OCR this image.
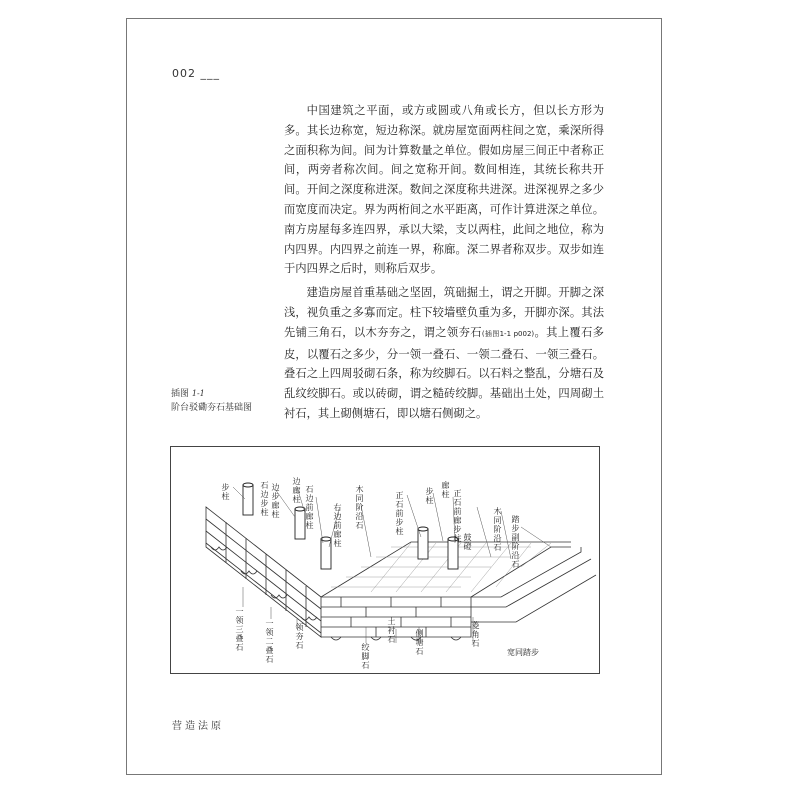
002 ___

中国建筑之平面，或方或圆或八角或长方，但以长方形为多。其长边称宽，短边称深。就房屋宽面两柱间之宽，乘深所得之面积称为间。间为计算数量之单位。假如房屋三间正中者称正间，两旁者称次间。间之宽称开间。数间相连，其统长称共开间。开间之深度称进深。数间之深度称共进深。进深视界之多少而宽度而决定。界为两桁间之水平距离，可作计算进深之单位。南方房屋每多连四界，承以大梁，支以两柱，此间之地位，称为内四界。内四界之前连一界，称廊。深二界者称双步。双步如连于内四界之后时，则称后双步。

建造房屋首重基础之坚固，筑础掘土，谓之开脚。开脚之深浅，视负重之多寡而定。柱下较墙壁负重为多，开脚亦深。其法先铺三角石，以木夯夯之，谓之领夯石(插图1-1 p002)。其上覆石多皮，以覆石之多少，分一领一叠石、一领二叠石、一领三叠石。叠石之上四周驳砌石条，称为绞脚石。以石料之整乱，分塘石及乱纹绞脚石。或以砖砌，谓之糙砖绞脚。基础出土处，四周砌土衬石，其上砌侧塘石，即以塘石侧砌之。

插图 1-1
阶台驳磡夯石基础图
步柱	石边步柱 边步廊柱 边廊柱 石边前廊柱 右边前廊柱	正石前步柱	步柱 廊柱 正石前廊步柱
木同阶沿石
鼓磴	木同阶沿石 踏步副阶沿石
一领三叠石	一领二叠石	领夯石	土衬石
绞脚石
侧塘石	菱角石
宽同踏步
营造法原
